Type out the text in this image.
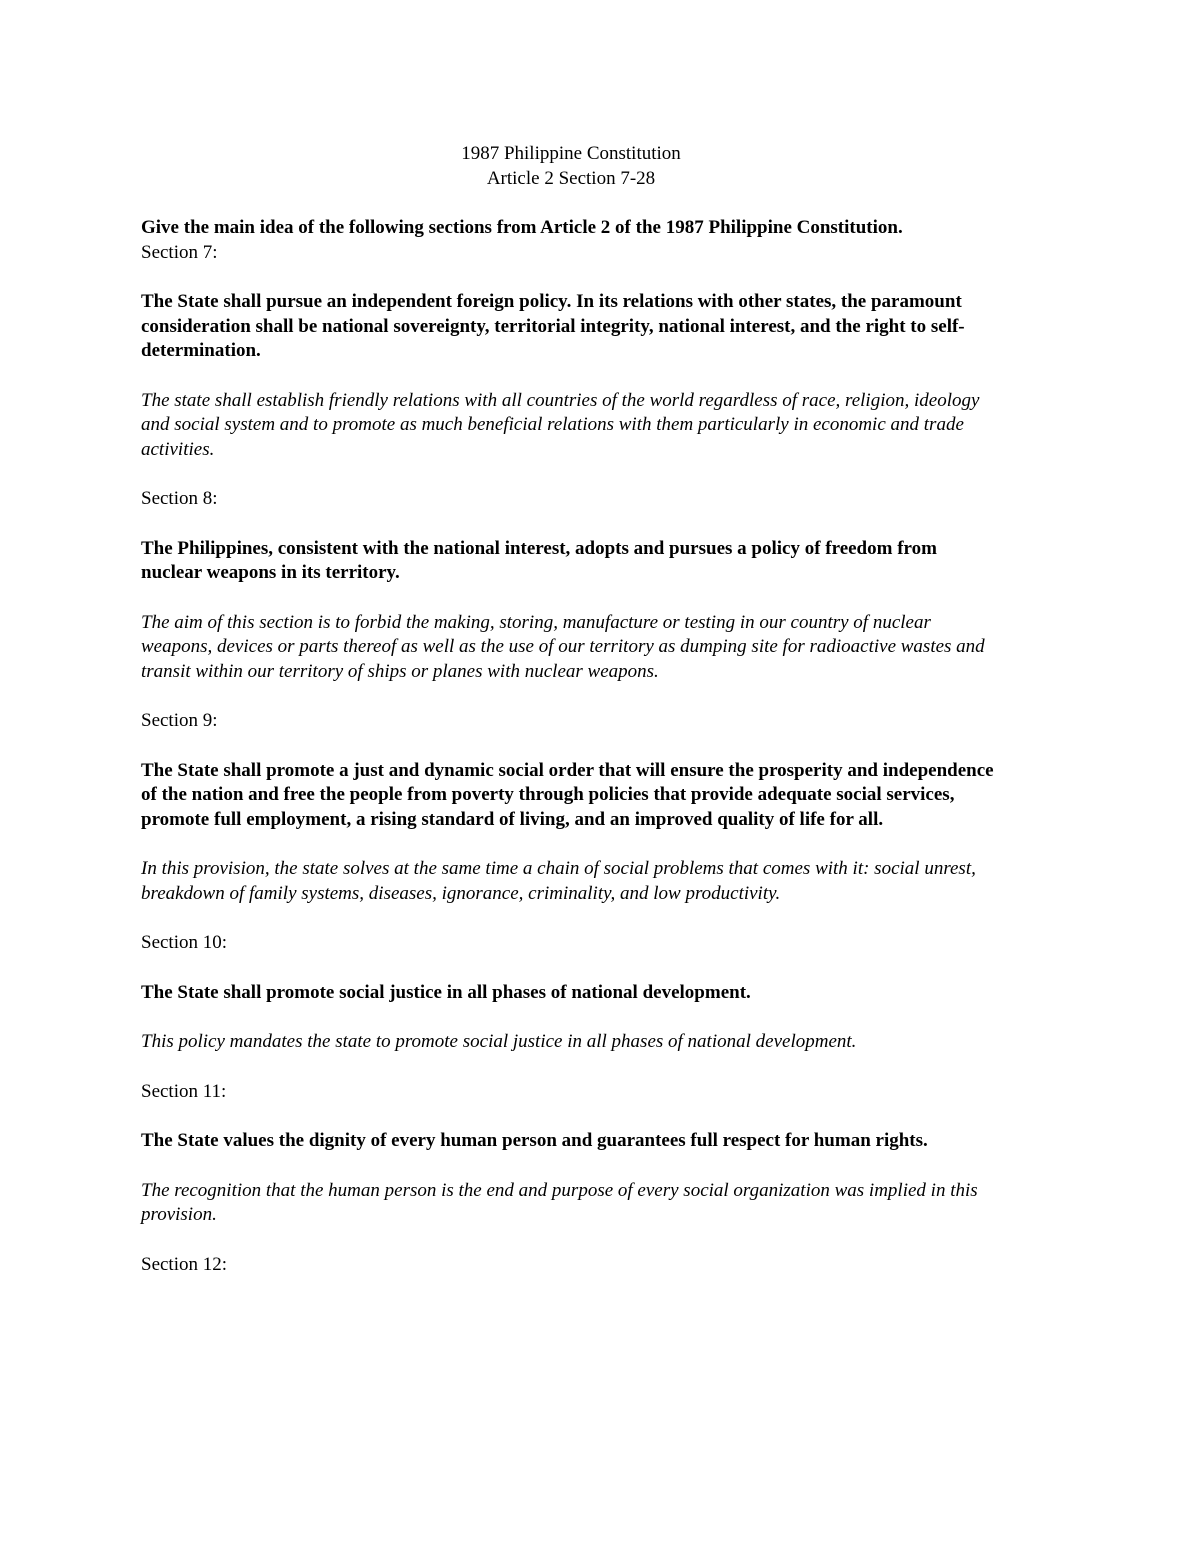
1987 Philippine Constitution

Article 2 Section 7-28

Give the main idea of the following sections from Article 2 of the 1987 Philippine Constitution.

Section 7:

The State shall pursue an independent foreign policy. In its relations with other states, the paramount consideration shall be national sovereignty, territorial integrity, national interest, and the right to self-determination.

The state shall establish friendly relations with all countries of the world regardless of race, religion, ideology and social system and to promote as much beneficial relations with them particularly in economic and trade activities.

Section 8:

The Philippines, consistent with the national interest, adopts and pursues a policy of freedom from nuclear weapons in its territory.

The aim of this section is to forbid the making, storing, manufacture or testing in our country of nuclear weapons, devices or parts thereof as well as the use of our territory as dumping site for radioactive wastes and transit within our territory of ships or planes with nuclear weapons.

Section 9:

The State shall promote a just and dynamic social order that will ensure the prosperity and independence of the nation and free the people from poverty through policies that provide adequate social services, promote full employment, a rising standard of living, and an improved quality of life for all.

In this provision, the state solves at the same time a chain of social problems that comes with it: social unrest, breakdown of family systems, diseases, ignorance, criminality, and low productivity.

Section 10:

The State shall promote social justice in all phases of national development.

This policy mandates the state to promote social justice in all phases of national development.

Section 11:

The State values the dignity of every human person and guarantees full respect for human rights.

The recognition that the human person is the end and purpose of every social organization was implied in this provision.

Section 12:
